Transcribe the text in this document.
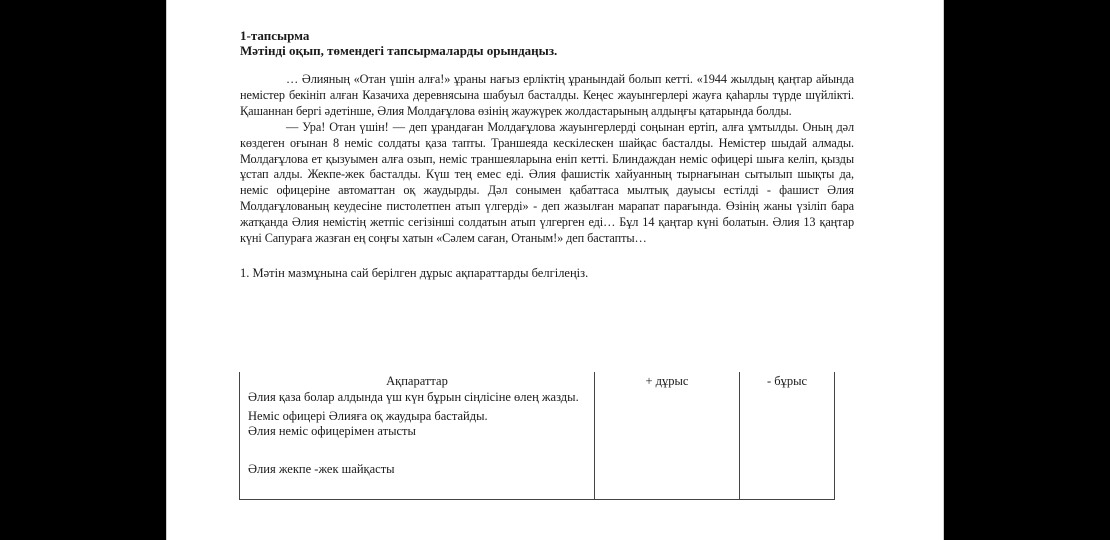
1-тапсырма
Мәтінді оқып, төмендегі тапсырмаларды орындаңыз.
… Әлияның «Отан үшін алға!» ұраны нағыз ерліктің ұранындай болып кетті. «1944 жылдың қаңтар айында немістер бекініп алған Казачиха деревнясына шабуыл басталды. Кеңес жауынгерлері жауға қаһарлы түрде шүйлікті. Қашаннан бергі әдетінше, Әлия Молдағұлова өзінің жаужүрек жолдастарының алдыңғы қатарында болды.
— Ура! Отан үшін! — деп ұрандаған Молдағұлова жауынгерлерді соңынан ертіп, алға ұмтылды. Оның дәл көздеген оғынан 8 неміс солдаты қаза тапты. Траншеяда кескілескен шайқас басталды. Немістер шыдай алмады. Молдағұлова ет қызуымен алға озып, неміс траншеяларына еніп кетті. Блиндаждан неміс офицері шыға келіп, қызды ұстап алды. Жекпе-жек басталды. Күш тең емес еді. Әлия фашистік хайуанның тырнағынан сытылып шықты да, неміс офицеріне автоматтан оқ жаудырды. Дәл сонымен қабаттаса мылтық дауысы естілді - фашист Әлия Молдағұлованың кеудесіне пистолетпен атып үлгерді» - деп жазылған марапат парағында. Өзінің жаны үзіліп бара жатқанда Әлия немістің жетпіс сегізінші солдатын атып үлгерген еді… Бұл 14 қаңтар күні болатын. Әлия 13 қаңтар күні Сапураға жазған ең соңғы хатын «Сәлем саған, Отаным!» деп бастапты…
1. Мәтін мазмұнына сай берілген дұрыс ақпараттарды белгілеңіз.
Ақпараттар	+ дұрыс	- бұрыс

Әлия қаза болар алдында үш күн бұрын сіңлісіне өлең жазды.
Неміс офицері Әлияға оқ жаудыра бастайды.
Әлия неміс офицерімен атысты
Әлия жекпе -жек шайқасты		
